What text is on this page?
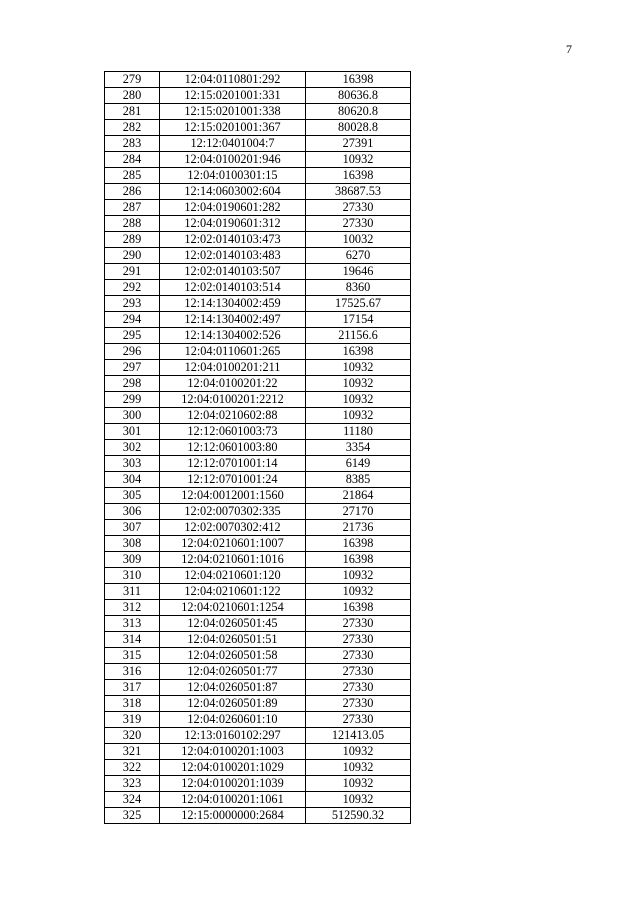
7
279	12:04:0110801:292	16398
280	12:15:0201001:331	80636.8
281	12:15:0201001:338	80620.8
282	12:15:0201001:367	80028.8
283	12:12:0401004:7	27391
284	12:04:0100201:946	10932
285	12:04:0100301:15	16398
286	12:14:0603002:604	38687.53
287	12:04:0190601:282	27330
288	12:04:0190601:312	27330
289	12:02:0140103:473	10032
290	12:02:0140103:483	6270
291	12:02:0140103:507	19646
292	12:02:0140103:514	8360
293	12:14:1304002:459	17525.67
294	12:14:1304002:497	17154
295	12:14:1304002:526	21156.6
296	12:04:0110601:265	16398
297	12:04:0100201:211	10932
298	12:04:0100201:22	10932
299	12:04:0100201:2212	10932
300	12:04:0210602:88	10932
301	12:12:0601003:73	11180
302	12:12:0601003:80	3354
303	12:12:0701001:14	6149
304	12:12:0701001:24	8385
305	12:04:0012001:1560	21864
306	12:02:0070302:335	27170
307	12:02:0070302:412	21736
308	12:04:0210601:1007	16398
309	12:04:0210601:1016	16398
310	12:04:0210601:120	10932
311	12:04:0210601:122	10932
312	12:04:0210601:1254	16398
313	12:04:0260501:45	27330
314	12:04:0260501:51	27330
315	12:04:0260501:58	27330
316	12:04:0260501:77	27330
317	12:04:0260501:87	27330
318	12:04:0260501:89	27330
319	12:04:0260601:10	27330
320	12:13:0160102:297	121413.05
321	12:04:0100201:1003	10932
322	12:04:0100201:1029	10932
323	12:04:0100201:1039	10932
324	12:04:0100201:1061	10932
325	12:15:0000000:2684	512590.32
